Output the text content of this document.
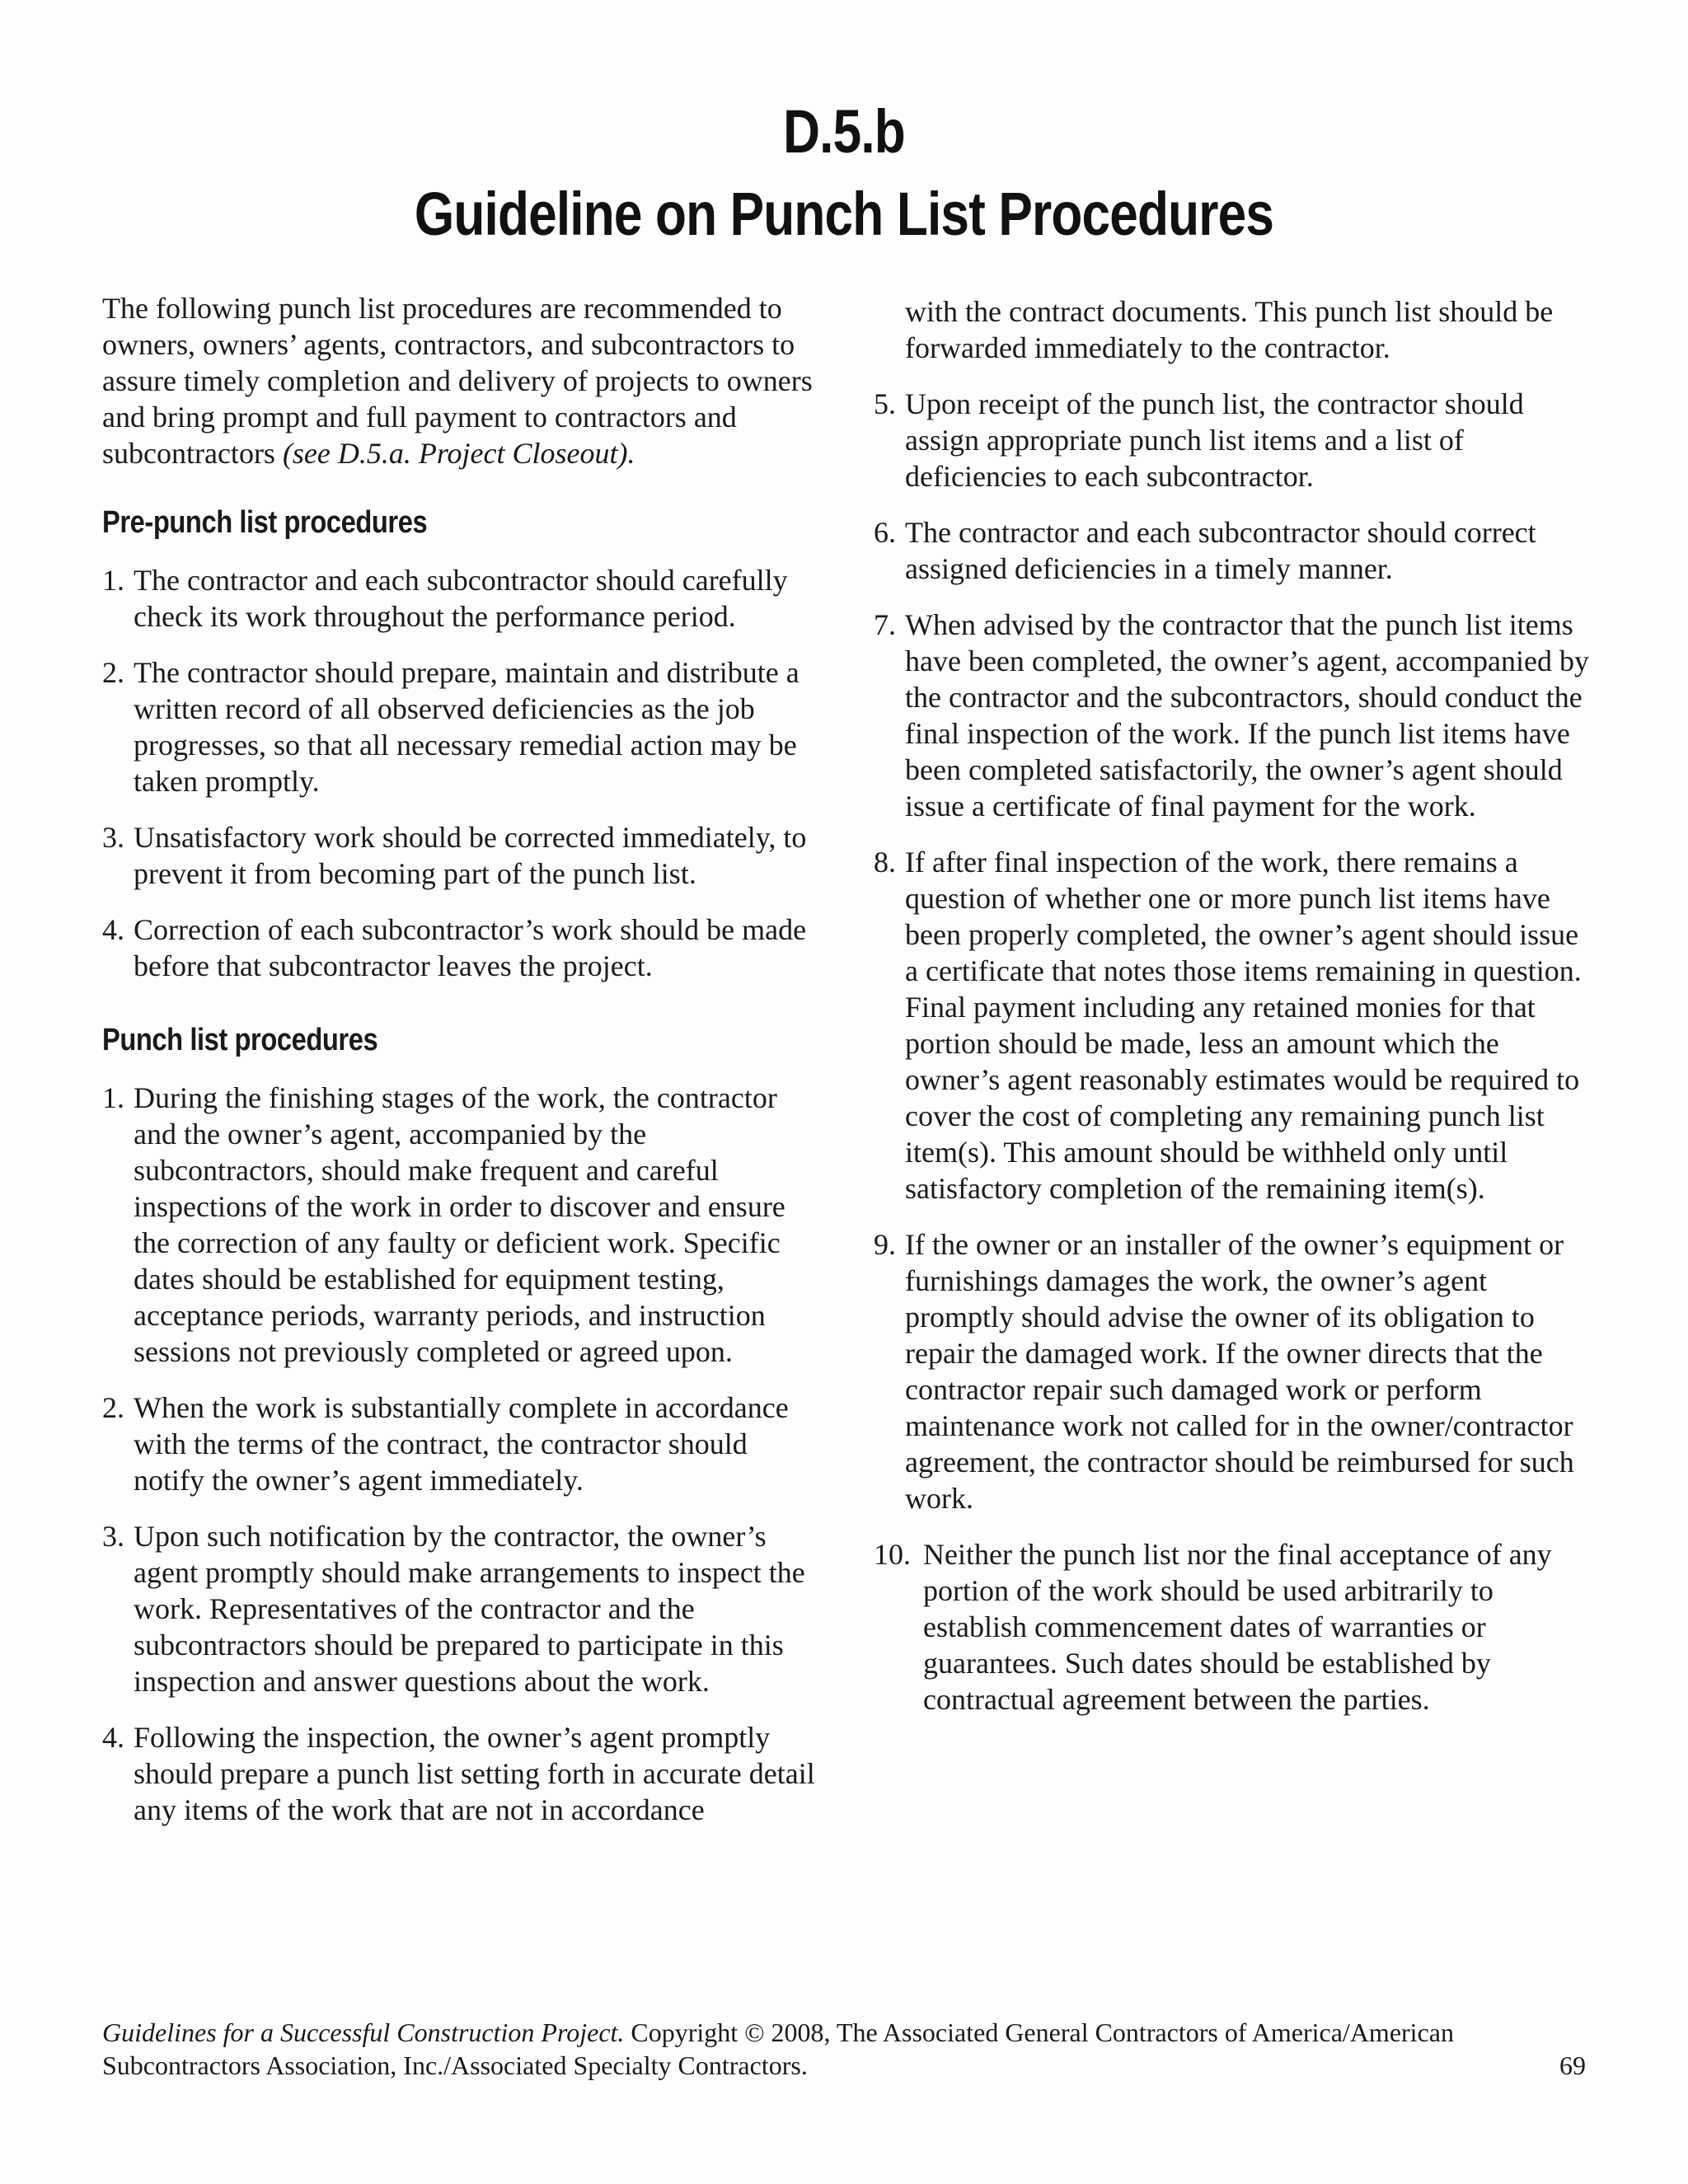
D.5.b
Guideline on Punch List Procedures

The following punch list procedures are recommended to owners, owners’ agents, contractors, and subcontractors to assure timely completion and delivery of projects to owners and bring prompt and full payment to contractors and subcontractors (see D.5.a. Project Closeout).

Pre-punch list procedures
1. The contractor and each subcontractor should carefully check its work throughout the performance period.
2. The contractor should prepare, maintain and distribute a written record of all observed deficiencies as the job progresses, so that all necessary remedial action may be taken promptly.
3. Unsatisfactory work should be corrected immediately, to prevent it from becoming part of the punch list.
4. Correction of each subcontractor’s work should be made before that subcontractor leaves the project.
Punch list procedures
1. During the finishing stages of the work, the contractor and the owner’s agent, accompanied by the subcontractors, should make frequent and careful inspections of the work in order to discover and ensure the correction of any faulty or deficient work. Specific dates should be established for equipment testing, acceptance periods, warranty periods, and instruction sessions not previously completed or agreed upon.
2. When the work is substantially complete in accordance with the terms of the contract, the contractor should notify the owner’s agent immediately.
3. Upon such notification by the contractor, the owner’s agent promptly should make arrangements to inspect the work. Representatives of the contractor and the subcontractors should be prepared to participate in this inspection and answer questions about the work.
4. Following the inspection, the owner’s agent promptly should prepare a punch list setting forth in accurate detail any items of the work that are not in accordance
with the contract documents. This punch list should be forwarded immediately to the contractor.
5. Upon receipt of the punch list, the contractor should assign appropriate punch list items and a list of deficiencies to each subcontractor.
6. The contractor and each subcontractor should correct assigned deficiencies in a timely manner.
7. When advised by the contractor that the punch list items have been completed, the owner’s agent, accompanied by the contractor and the subcontractors, should conduct the final inspection of the work. If the punch list items have been completed satisfactorily, the owner’s agent should issue a certificate of final payment for the work.
8. If after final inspection of the work, there remains a question of whether one or more punch list items have been properly completed, the owner’s agent should issue a certificate that notes those items remaining in question. Final payment including any retained monies for that portion should be made, less an amount which the owner’s agent reasonably estimates would be required to cover the cost of completing any remaining punch list item(s). This amount should be withheld only until satisfactory completion of the remaining item(s).
9. If the owner or an installer of the owner’s equipment or furnishings damages the work, the owner’s agent promptly should advise the owner of its obligation to repair the damaged work. If the owner directs that the contractor repair such damaged work or perform maintenance work not called for in the owner/contractor agreement, the contractor should be reimbursed for such work.
10. Neither the punch list nor the final acceptance of any portion of the work should be used arbitrarily to establish commencement dates of warranties or guarantees. Such dates should be established by contractual agreement between the parties.
Guidelines for a Successful Construction Project. Copyright © 2008, The Associated General Contractors of America/American
Subcontractors Association, Inc./Associated Specialty Contractors.	69
